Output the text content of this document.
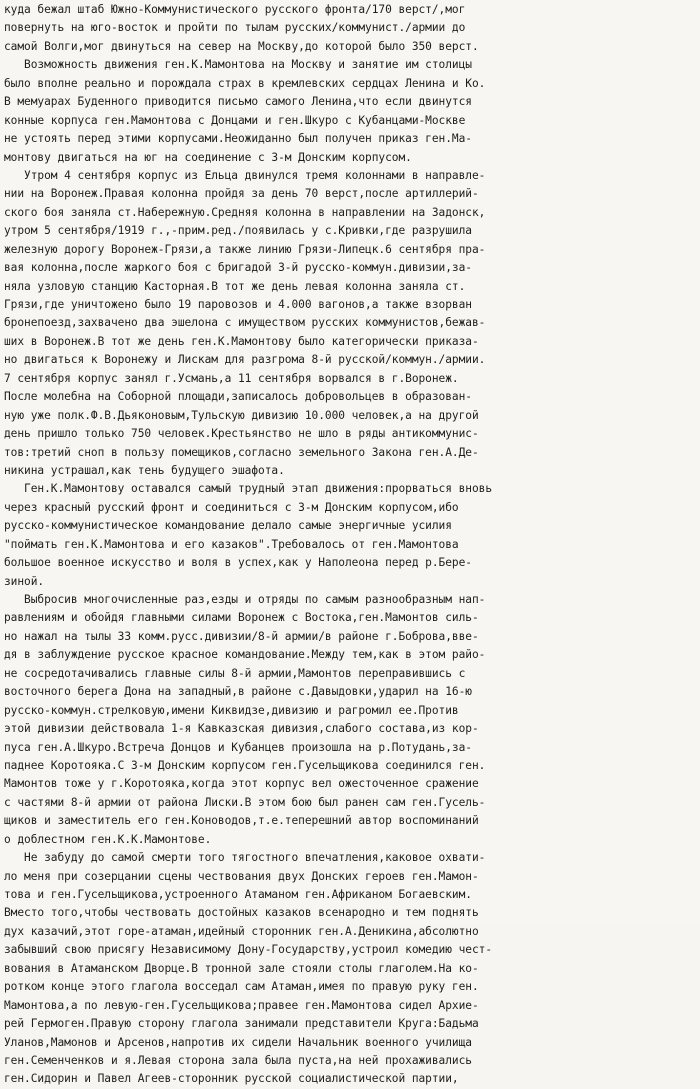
куда бежал штаб Южно-Коммунистического русского фронта/170 верст/,мог
повернуть на юго-восток и пройти по тылам русских/коммунист./армии до
самой Волги,мог двинуться на север на Москву,до которой было 350 верст.
Возможность движения ген.К.Мамонтова на Москву и занятие им столицы
было вполне реально и порождала страх в кремлевских сердцах Ленина и Ко.
В мемуарах Буденного приводится письмо самого Ленина,что если двинутся
конные корпуса ген.Мамонтова с Донцами и ген.Шкуро с Кубанцами-Москве
не устоять перед этими корпусами.Неожиданно был получен приказ ген.Ма-
монтову двигаться на юг на соединение с 3-м Донским корпусом.
Утром 4 сентября корпус из Ельца двинулся тремя колоннами в направле-
нии на Воронеж.Правая колонна пройдя за день 70 верст,после артиллерий-
ского боя заняла ст.Набережную.Средняя колонна в направлении на Задонск,
утром 5 сентября/1919 г.,-прим.ред./появилась у с.Кривки,где разрушила
железную дорогу Воронеж-Грязи,а также линию Грязи-Липецк.6 сентября пра-
вая колонна,после жаркого боя с бригадой 3-й русско-коммун.дивизии,за-
няла узловую станцию Касторная.В тот же день левая колонна заняла ст.
Грязи,где уничтожено было 19 паровозов и 4.000 вагонов,а также взорван
бронепоезд,захвачено два эшелона с имуществом русских коммунистов,бежав-
ших в Воронеж.В тот же день ген.К.Мамонтову было категорически приказа-
но двигаться к Воронежу и Лискам для разгрома 8-й русской/коммун./армии.
7 сентября корпус занял г.Усмань,а 11 сентября ворвался в г.Воронеж.
После молебна на Соборной площади,записалось добровольцев в образован-
ную уже полк.Ф.В.Дьяконовым,Тульскую дивизию 10.000 человек,а на другой
день пришло только 750 человек.Крестьянство не шло в ряды антикоммунис-
тов:третий сноп в пользу помещиков,согласно земельного Закона ген.А.Де-
никина устрашал,как тень будущего эшафота.
Ген.К.Мамонтову оставался самый трудный этап движения:прорваться вновь
через красный русский фронт и соединиться с 3-м Донским корпусом,ибо
русско-коммунистическое командование делало самые энергичные усилия
"поймать ген.К.Мамонтова и его казаков".Требовалось от ген.Мамонтова
большое военное искусство и воля в успех,как у Наполеона перед р.Бере-
зиной.
Выбросив многочисленные раз,езды и отряды по самым разнообразным нап-
равлениям и обойдя главными силами Воронеж с Востока,ген.Мамонтов силь-
но нажал на тылы 33 комм.русс.дивизии/8-й армии/в районе г.Боброва,вве-
дя в заблуждение русское красное командование.Между тем,как в этом райо-
не сосредотачивались главные силы 8-й армии,Мамонтов переправившись с
восточного берега Дона на западный,в районе с.Давыдовки,ударил на 16-ю
русско-коммун.стрелковую,имени Киквидзе,дивизию и рагромил ее.Против
этой дивизии действовала 1-я Кавказская дивизия,слабого состава,из кор-
пуса ген.А.Шкуро.Встреча Донцов и Кубанцев произошла на р.Потудань,за-
паднее Коротояка.С 3-м Донским корпусом ген.Гусельщикова соединился ген.
Мамонтов тоже у г.Коротояка,когда этот корпус вел ожесточенное сражение
с частями 8-й армии от района Лиски.В этом бою был ранен сам ген.Гусель-
щиков и заместитель его ген.Коноводов,т.е.теперешний автор воспоминаний
о доблестном ген.К.К.Мамонтове.
Не забуду до самой смерти того тягостного впечатления,каковое охвати-
ло меня при созерцании сцены чествования двух Донских героев ген.Мамон-
това и ген.Гусельщикова,устроенного Атаманом ген.Африканом Богаевским.
Вместо того,чтобы чествовать достойных казаков всенародно и тем поднять
дух казачий,этот горе-атаман,идейный сторонник ген.А.Деникина,абсолютно
забывший свою присягу Независимому Дону-Государству,устроил комедию чест-
вования в Атаманском Дворце.В тронной зале стояли столы глаголем.На ко-
ротком конце этого глагола восседал сам Атаман,имея по правую руку ген.
Мамонтова,а по левую-ген.Гусельщикова;правее ген.Мамонтова сидел Архие-
рей Гермоген.Правую сторону глагола занимали представители Круга:Бадьма
Уланов,Мамонов и Арсенов,напротив их сидели Начальник военного училища
ген.Семенченков и я.Левая сторона зала была пуста,на ней прохаживались
ген.Сидорин и Павел Агеев-сторонник русской социалистической партии,
